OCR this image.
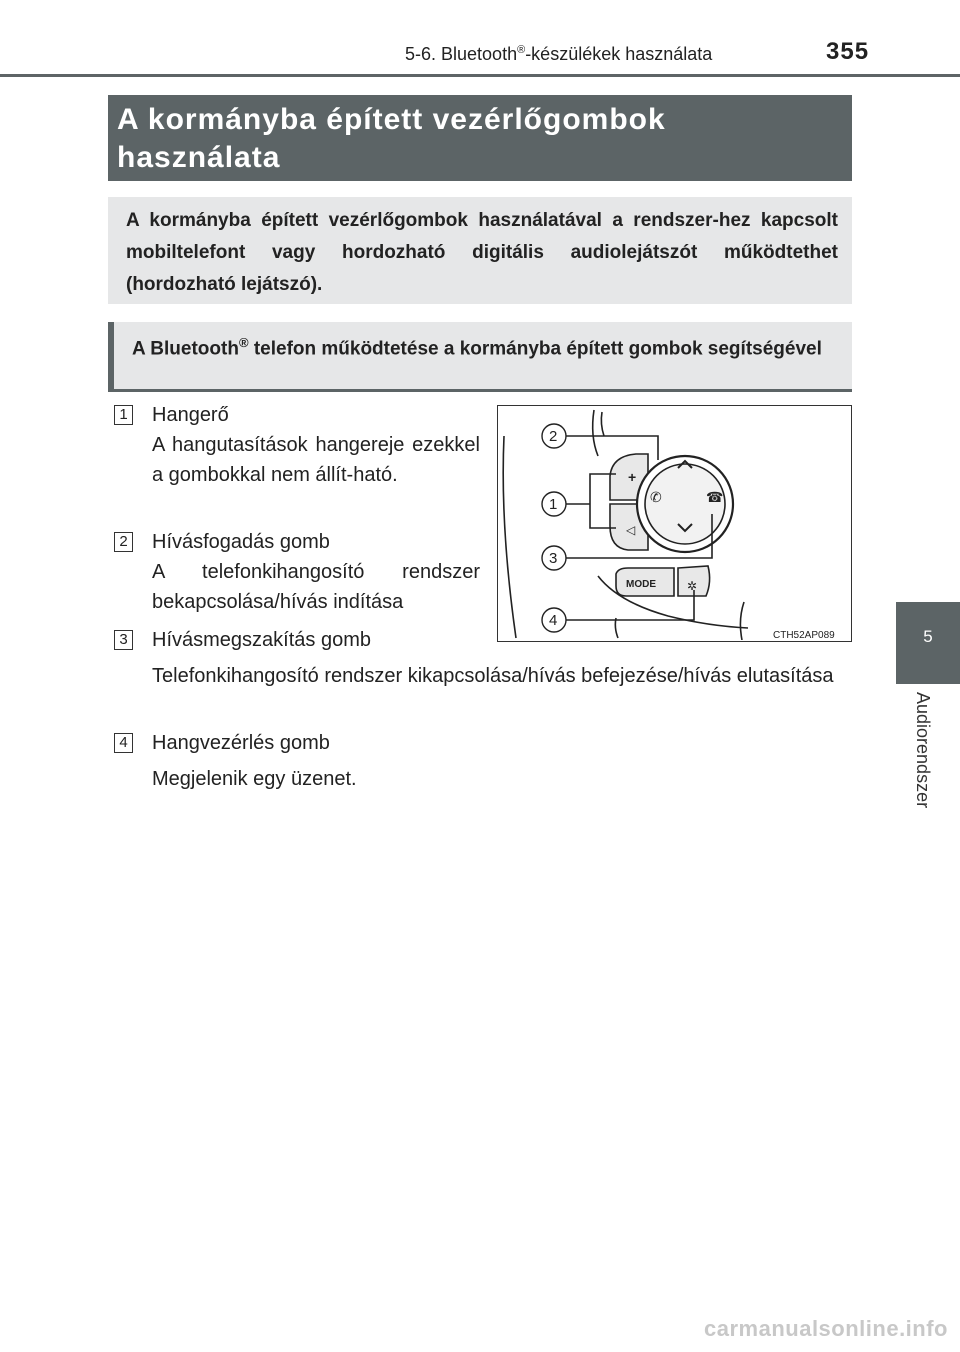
5-6. Bluetooth®-készülékek használata	355
A kormányba épített vezérlőgombok
használata
A kormányba épített vezérlőgombok használatával a rendszer-hez kapcsolt mobiltelefont vagy hordozható digitális audiolejátszót működtethet (hordozható lejátszó).
A Bluetooth® telefon működtetése a kormányba épített gombok segítségével
1 Hangerő

A hangutasítások hangereje ezekkel a gombokkal nem állít-ható.

2 Hívásfogadás gomb

A telefonkihangosító rendszer bekapcsolása/hívás indítása

3 Hívásmegszakítás gomb

Telefonkihangosító rendszer kikapcsolása/hívás befejezése/hívás elutasítása

4 Hangvezérlés gomb

Megjelenik egy üzenet.

+
◁
✆	☎
✲
MODE
CTH52AP089
2
1
3
4
5
Audiorendszer
carmanualsonline.info
